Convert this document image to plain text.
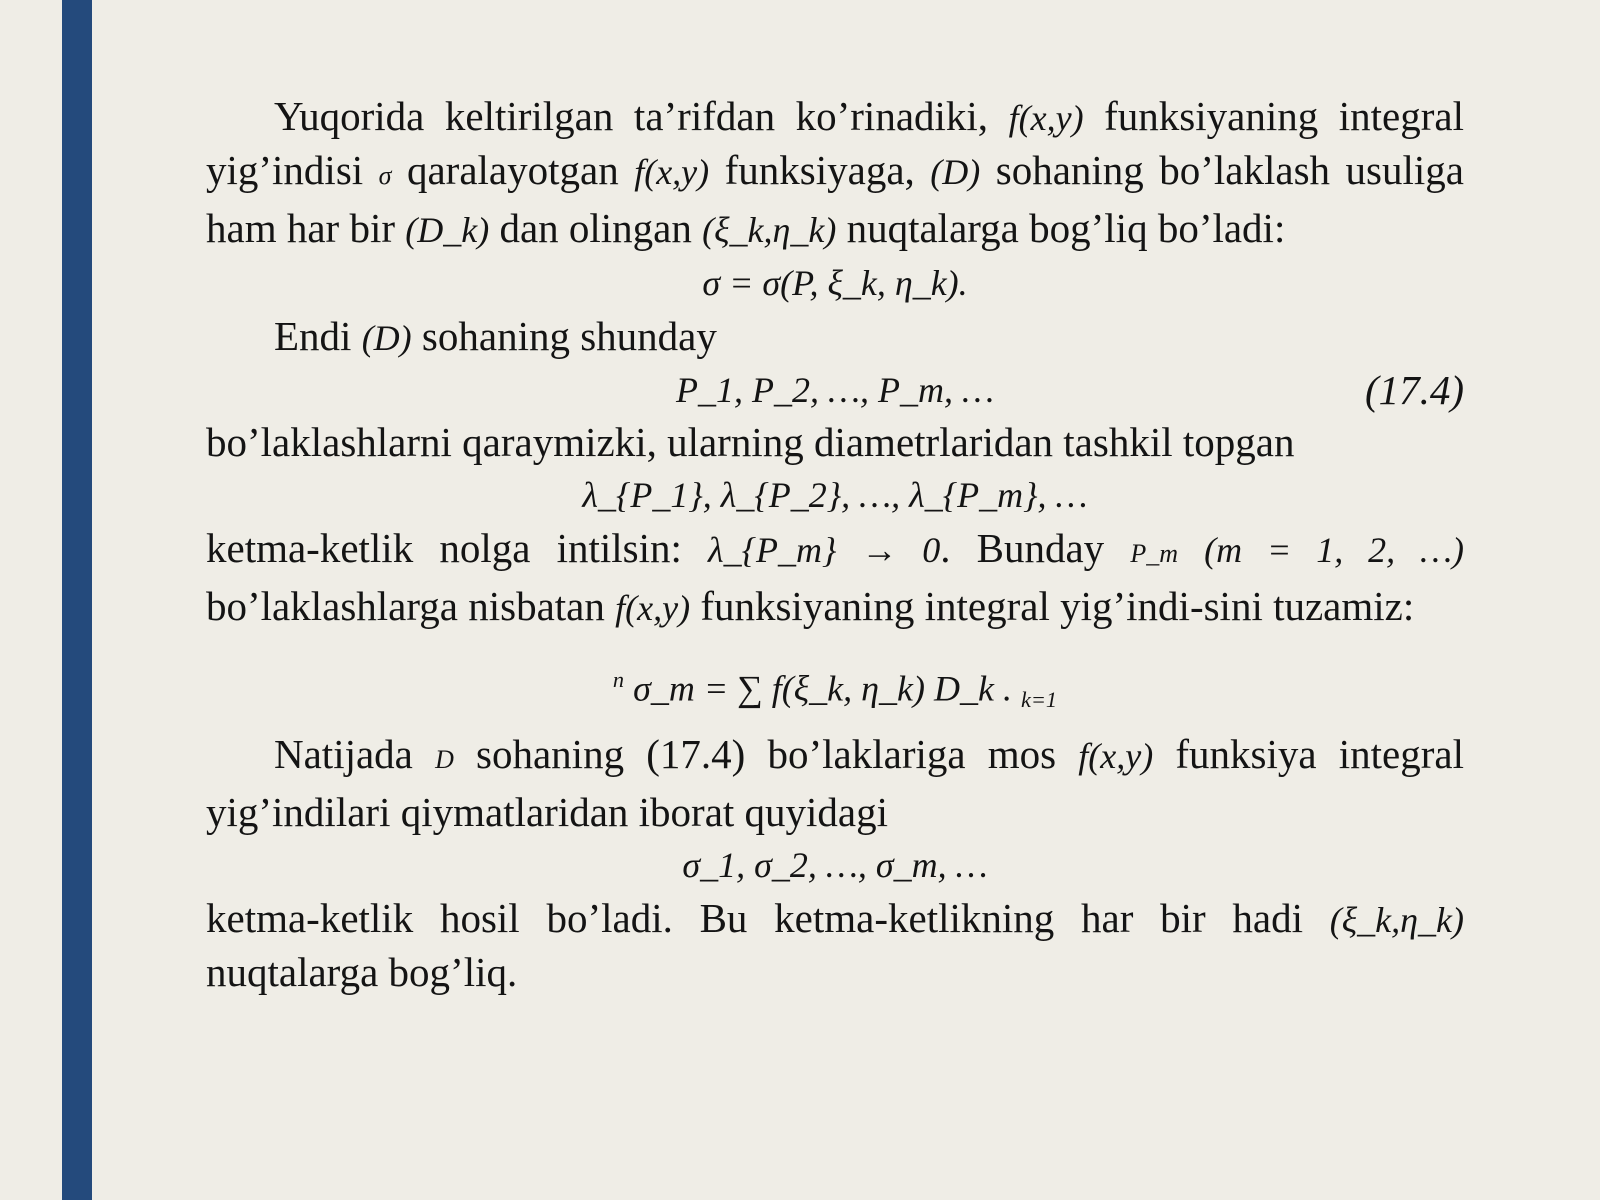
Yuqorida keltirilgan ta’rifdan ko’rinadiki, f(x,y) funksiyaning integral yig’indisi σ qaralayotgan f(x,y) funksiyaga, (D) sohaning bo’laklash usuliga ham har bir (D_k) dan olingan (ξ_k,η_k) nuqtalarga bog’liq bo’ladi:

σ = σ(P, ξ_k, η_k).

Endi (D) sohaning shunday

P_1, P_2, …, P_m, …	(17.4)

bo’laklashlarni qaraymizki, ularning diametrlaridan tashkil topgan

λ_{P_1}, λ_{P_2}, …, λ_{P_m}, …

ketma-ketlik nolga intilsin: λ_{P_m} → 0. Bunday P_m (m = 1, 2, …) bo’laklashlarga nisbatan f(x,y) funksiyaning integral yig’indi-sini tuzamiz:

$^n$ σ_m = ∑ f(ξ_k, η_k) D_k . $_{k=1}$

Natijada D sohaning (17.4) bo’laklariga mos f(x,y) funksiya integral yig’indilari qiymatlaridan iborat quyidagi

σ_1, σ_2, …, σ_m, …

ketma-ketlik hosil bo’ladi. Bu ketma-ketlikning har bir hadi (ξ_k,η_k) nuqtalarga bog’liq.
